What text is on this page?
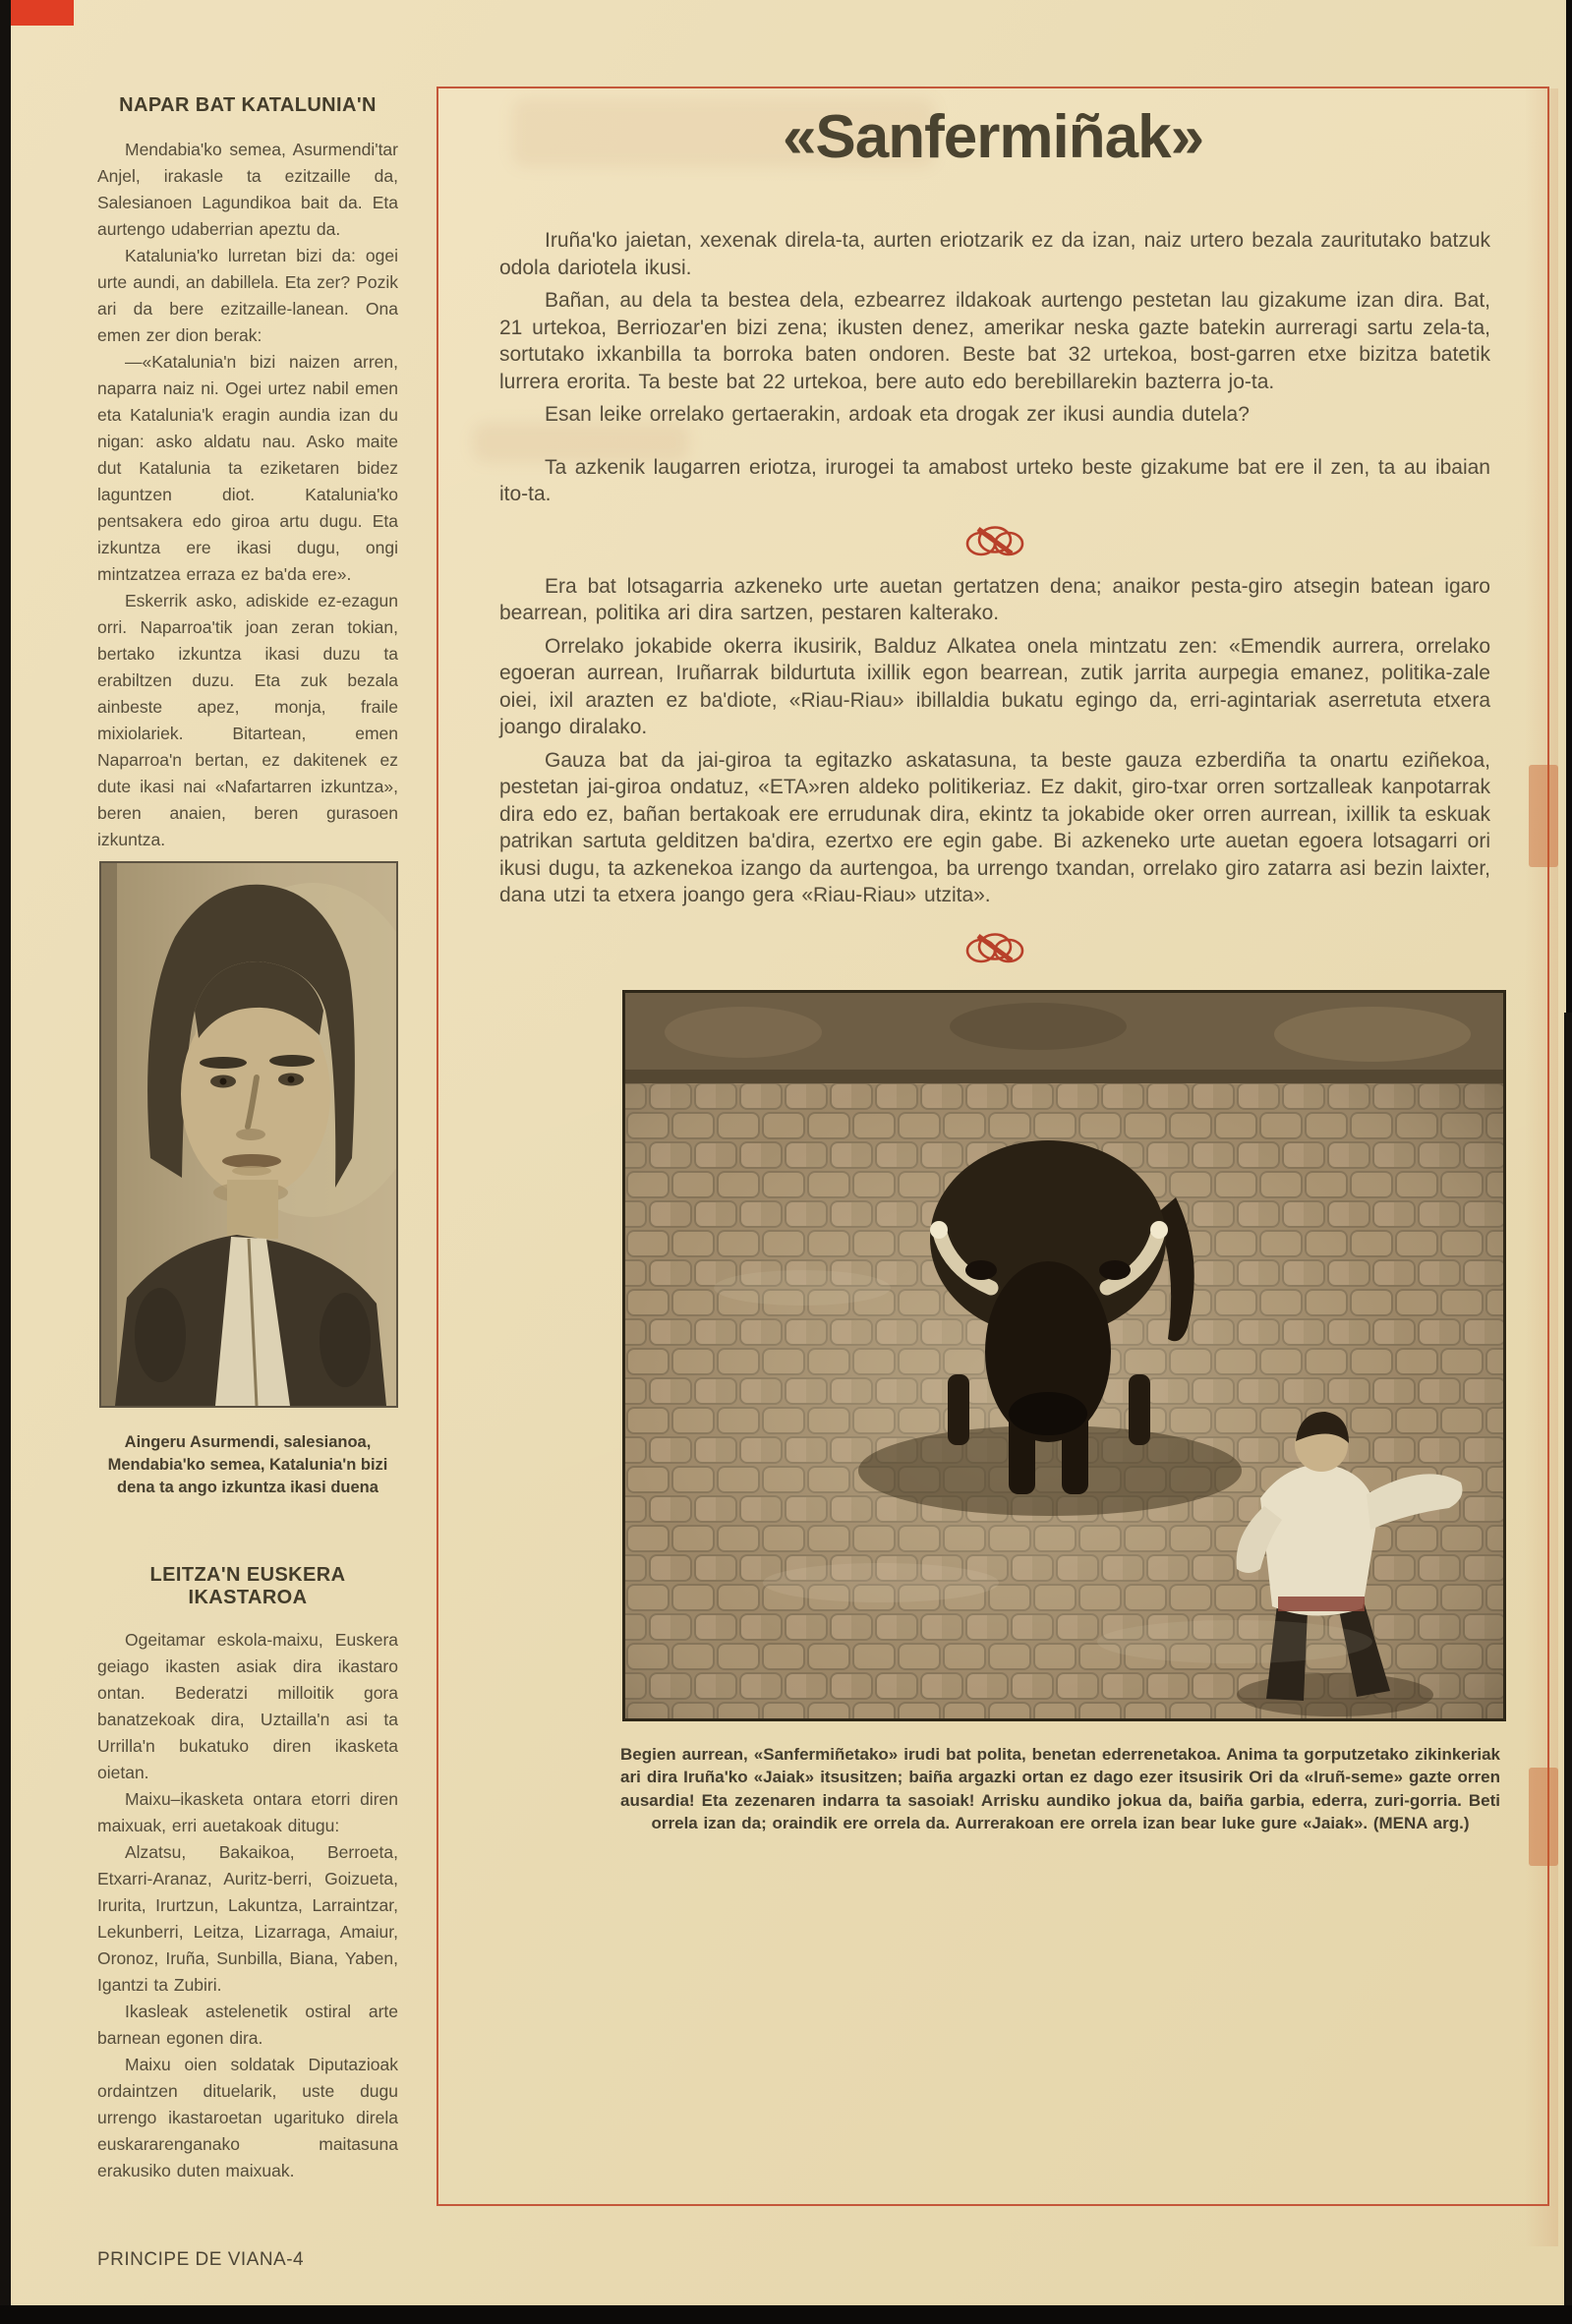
NAPAR BAT KATALUNIA'N

Mendabia'ko semea, Asurmendi'tar Anjel, irakasle ta ezitzaille da, Salesianoen Lagundikoa bait da. Eta aurtengo udaberrian apeztu da.

Katalunia'ko lurretan bizi da: ogei urte aundi, an dabillela. Eta zer? Pozik ari da bere ezitzaille-lanean. Ona emen zer dion berak:

—«Katalunia'n bizi naizen arren, naparra naiz ni. Ogei urtez nabil emen eta Katalunia'k eragin aundia izan du nigan: asko aldatu nau. Asko maite dut Katalunia ta eziketaren bidez laguntzen diot. Katalunia'ko pentsakera edo giroa artu dugu. Eta izkuntza ere ikasi dugu, ongi mintzatzea erraza ez ba'da ere».

Eskerrik asko, adiskide ez-ezagun orri. Naparroa'tik joan zeran tokian, bertako izkuntza ikasi duzu ta erabiltzen duzu. Eta zuk bezala ainbeste apez, monja, fraile mixiolariek. Bitartean, emen Naparroa'n bertan, ez dakitenek ez dute ikasi nai «Nafartarren izkuntza», beren anaien, beren gurasoen izkuntza.

Aingeru Asurmendi, salesianoa, Mendabia'ko semea, Katalunia'n bizi dena ta ango izkuntza ikasi duena

LEITZA'N EUSKERA IKASTAROA

Ogeitamar eskola-maixu, Euskera geiago ikasten asiak dira ikastaro ontan. Bederatzi milloitik gora banatzekoak dira, Uztailla'n asi ta Urrilla'n bukatuko diren ikasketa oietan.

Maixu–ikasketa ontara etorri diren maixuak, erri auetakoak ditugu:

Alzatsu, Bakaikoa, Berroeta, Etxarri-Aranaz, Auritz-berri, Goizueta, Irurita, Irurtzun, Lakuntza, Larraintzar, Lekunberri, Leitza, Lizarraga, Amaiur, Oronoz, Iruña, Sunbilla, Biana, Yaben, Igantzi ta Zubiri.

Ikasleak astelenetik ostiral arte barnean egonen dira.

Maixu oien soldatak Diputazioak ordaintzen dituelarik, uste dugu urrengo ikastaroetan ugarituko direla euskararenganako maitasuna erakusiko duten maixuak.

PRINCIPE DE VIANA-4
«Sanfermiñak»

Iruña'ko jaietan, xexenak direla-ta, aurten eriotzarik ez da izan, naiz urtero bezala zauritutako batzuk odola dariotela ikusi.

Bañan, au dela ta bestea dela, ezbearrez ildakoak aurtengo pestetan lau gizakume izan dira. Bat, 21 urtekoa, Berriozar'en bizi zena; ikusten denez, amerikar neska gazte batekin aurreragi sartu zela-ta, sortutako ixkanbilla ta borroka baten ondoren. Beste bat 32 urtekoa, bost-garren etxe bizitza batetik lurrera erorita. Ta beste bat 22 urtekoa, bere auto edo berebillarekin bazterra jo-ta.

Esan leike orrelako gertaerakin, ardoak eta drogak zer ikusi aundia dutela?

Ta azkenik laugarren eriotza, irurogei ta amabost urteko beste gizakume bat ere il zen, ta au ibaian ito-ta.

Era bat lotsagarria azkeneko urte auetan gertatzen dena; anaikor pesta-giro atsegin batean igaro bearrean, politika ari dira sartzen, pestaren kalterako.

Orrelako jokabide okerra ikusirik, Balduz Alkatea onela mintzatu zen: «Emendik aurrera, orrelako egoeran aurrean, Iruñarrak bildurtuta ixillik egon bearrean, zutik jarrita aurpegia emanez, politika-zale oiei, ixil arazten ez ba'diote, «Riau-Riau» ibillaldia bukatu egingo da, erri-agintariak aserretuta etxera joango diralako.

Gauza bat da jai-giroa ta egitazko askatasuna, ta beste gauza ezberdiña ta onartu eziñekoa, pestetan jai-giroa ondatuz, «ETA»ren aldeko politikeriaz. Ez dakit, giro-txar orren sortzalleak kanpotarrak dira edo ez, bañan bertakoak ere errudunak dira, ekintz ta jokabide oker orren aurrean, ixillik ta eskuak patrikan sartuta gelditzen ba'dira, ezertxo ere egin gabe. Bi azkeneko urte auetan egoera lotsagarri ori ikusi dugu, ta azkenekoa izango da aurtengoa, ba urrengo txandan, orrelako giro zatarra asi bezin laixter, dana utzi ta etxera joango gera «Riau-Riau» utzita».

Begien aurrean, «Sanfermiñetako» irudi bat polita, benetan ederrenetakoa. Anima ta gorputzetako zikinkeriak ari dira Iruña'ko «Jaiak» itsusitzen; baiña argazki ortan ez dago ezer itsusirik Ori da «Iruñ-seme» gazte orren ausardia! Eta zezenaren indarra ta sasoiak! Arrisku aundiko jokua da, baiña garbia, ederra, zuri-gorria. Beti orrela izan da; oraindik ere orrela da. Aurrerakoan ere orrela izan bear luke gure «Jaiak». (MENA arg.)
